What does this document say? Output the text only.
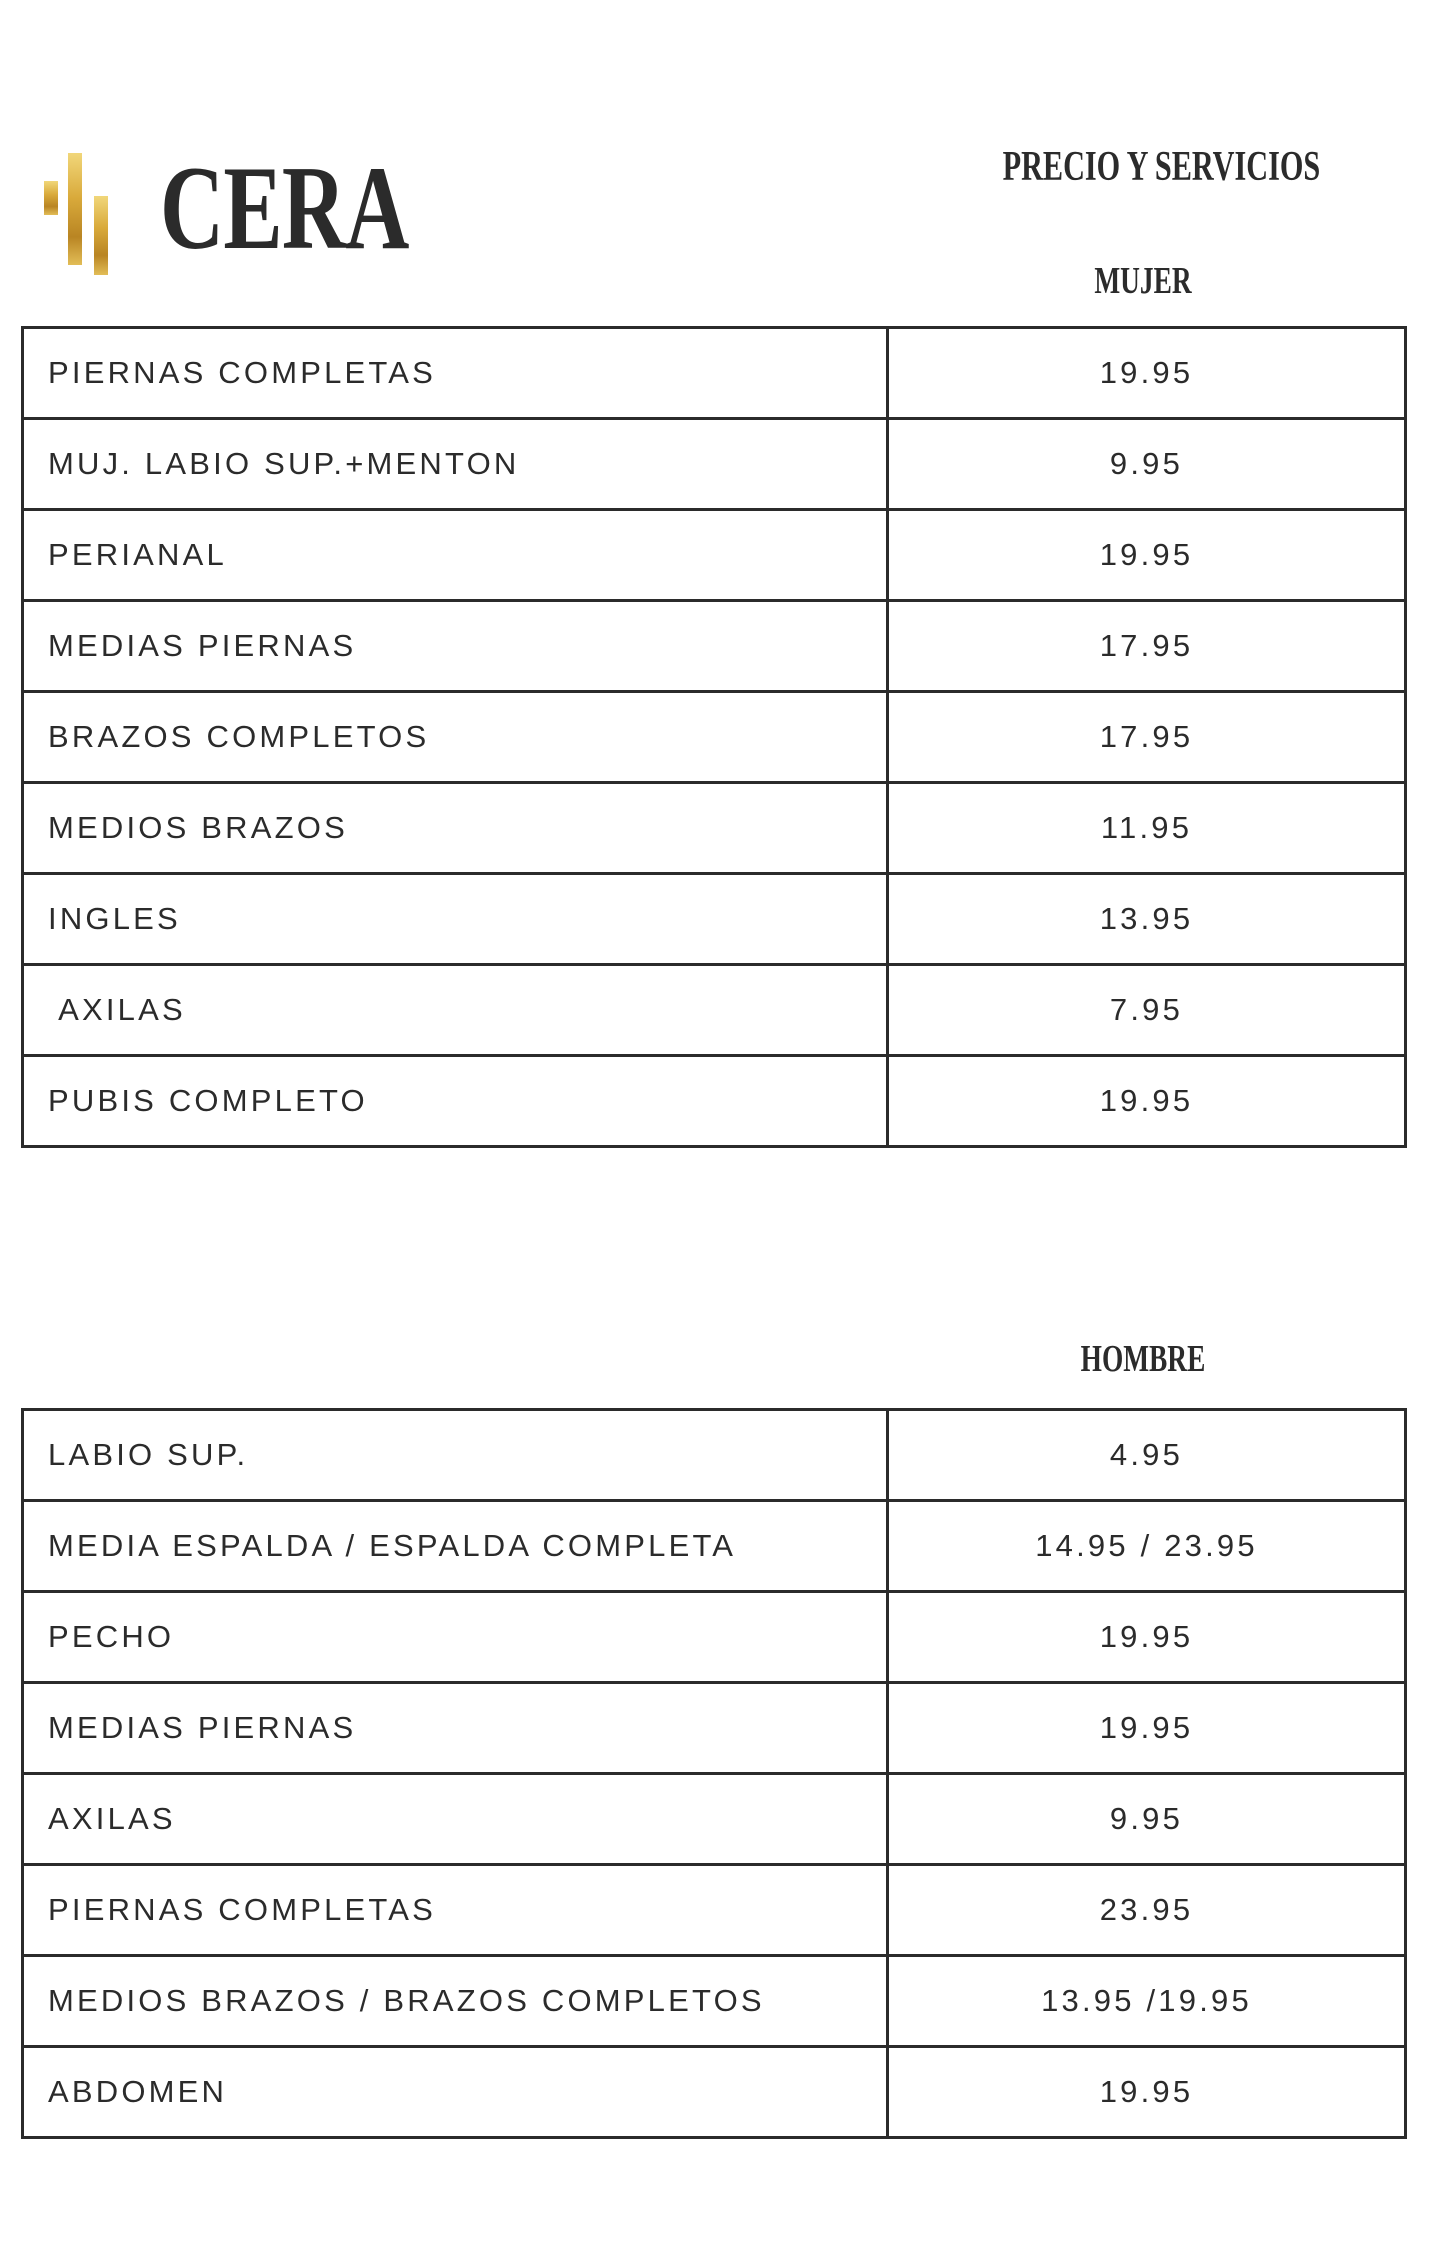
CERA	PRECIO Y SERVICIOS
MUJER
PIERNAS COMPLETAS	19.95
MUJ. LABIO SUP.+MENTON	9.95
PERIANAL	19.95
MEDIAS PIERNAS	17.95
BRAZOS COMPLETOS	17.95
MEDIOS BRAZOS	11.95
INGLES	13.95
AXILAS	7.95
PUBIS COMPLETO	19.95
HOMBRE
LABIO SUP.	4.95
MEDIA ESPALDA / ESPALDA COMPLETA	14.95 / 23.95
PECHO	19.95
MEDIAS PIERNAS	19.95
AXILAS	9.95
PIERNAS COMPLETAS	23.95
MEDIOS BRAZOS / BRAZOS COMPLETOS	13.95 /19.95
ABDOMEN	19.95
